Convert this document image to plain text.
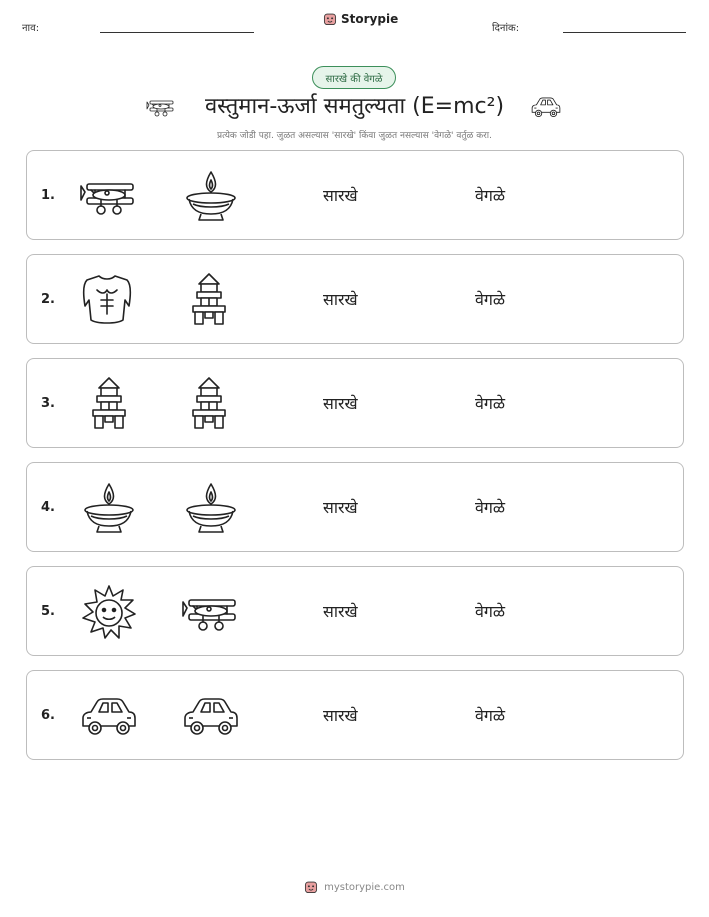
नाव:
Storypie
दिनांक:
सारखे की वेगळे
वस्तुमान-ऊर्जा समतुल्यता (E=mc²)
प्रत्येक जोडी पहा. जुळत असल्यास 'सारखे' किंवा जुळत नसल्यास 'वेगळे' वर्तुळ करा.
1.	सारखे	वेगळे
2.	सारखे	वेगळे
3.	सारखे	वेगळे
4.	सारखे	वेगळे
5.	सारखे	वेगळे
6.	सारखे	वेगळे
mystorypie.com
